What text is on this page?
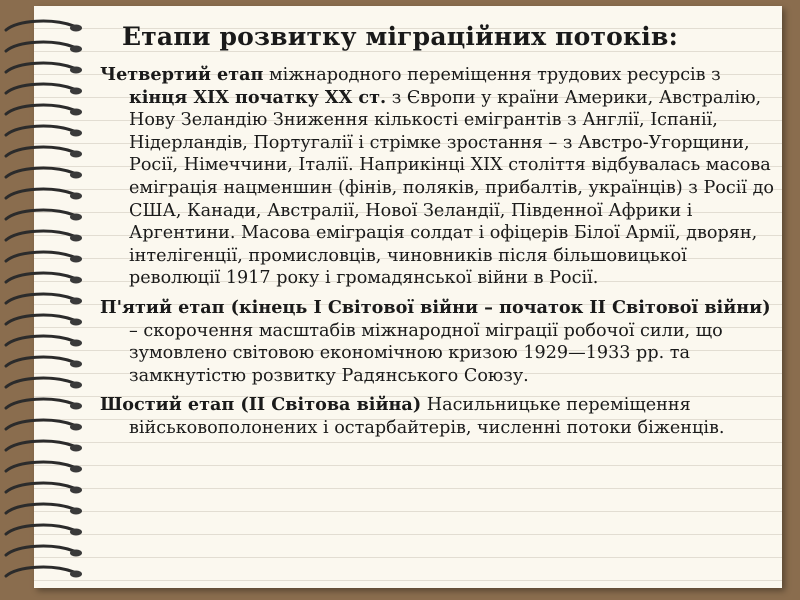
Етапи розвитку міграційних потоків:

Четвертий етап міжнародного переміщення трудових ресурсів з кінця ХІХ початку ХХ ст. з Європи у країни Америки, Австралію, Нову Зеландію Зниження кількості емігрантів з Англії, Іспанії, Нідерландів, Португалії і стрімке зростання – з Австро-Угорщини, Росії, Німеччини, Італії. Наприкінці XIX століття відбувалась масова еміграція нацменшин (фінів, поляків, прибалтів, українців) з Росії до США, Канади, Австралії, Нової Зеландії, Південної Африки і Аргентини. Масова еміграція солдат і офіцерів Білої Армії, дворян, інтелігенції, промисловців, чиновників після більшовицької революції 1917 року і громадянської війни в Росії.

П'ятий етап (кінець І Світової війни – початок ІІ Світової війни) – скорочення масштабів міжнародної міграції робочої сили, що зумовлено світовою економічною кризою 1929—1933 рр. та замкнутістю розвитку Радянського Союзу.

Шостий етап (ІІ Світова війна) Насильницьке переміщення військовополонених і остарбайтерів, численні потоки біженців.
